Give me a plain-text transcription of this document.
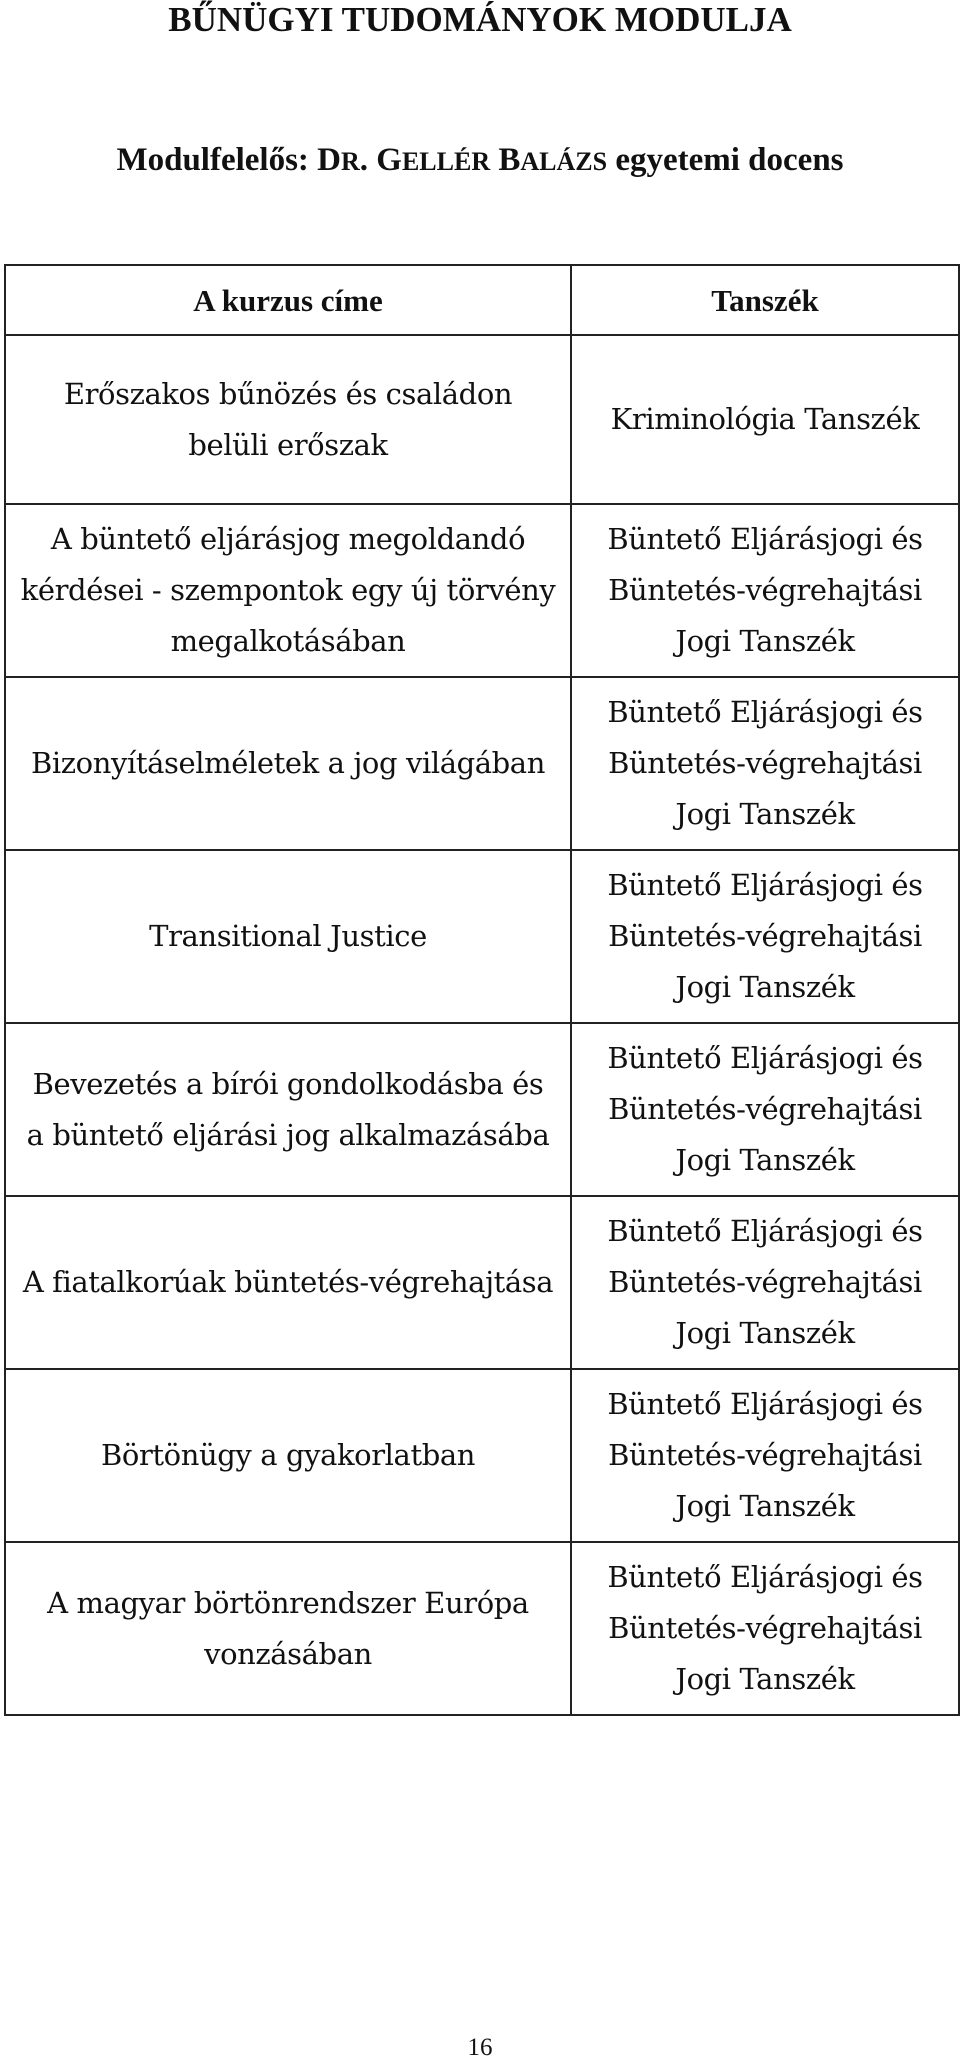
BŰNÜGYI TUDOMÁNYOK MODULJA
Modulfelelős: DR. GELLÉR BALÁZS egyetemi docens
A kurzus címe	Tanszék
Erőszakos bűnözés és családon belüli erőszak	Kriminológia Tanszék
A büntető eljárásjog megoldandó kérdései - szempontok egy új törvény megalkotásában	Büntető Eljárásjogi és Büntetés-végrehajtási Jogi Tanszék
Bizonyításelméletek a jog világában	Büntető Eljárásjogi és Büntetés-végrehajtási Jogi Tanszék
Transitional Justice	Büntető Eljárásjogi és Büntetés-végrehajtási Jogi Tanszék
Bevezetés a bírói gondolkodásba és a büntető eljárási jog alkalmazásába	Büntető Eljárásjogi és Büntetés-végrehajtási Jogi Tanszék
A fiatalkorúak büntetés-végrehajtása	Büntető Eljárásjogi és Büntetés-végrehajtási Jogi Tanszék
Börtönügy a gyakorlatban	Büntető Eljárásjogi és Büntetés-végrehajtási Jogi Tanszék
A magyar börtönrendszer Európa vonzásában	Büntető Eljárásjogi és Büntetés-végrehajtási Jogi Tanszék
16
